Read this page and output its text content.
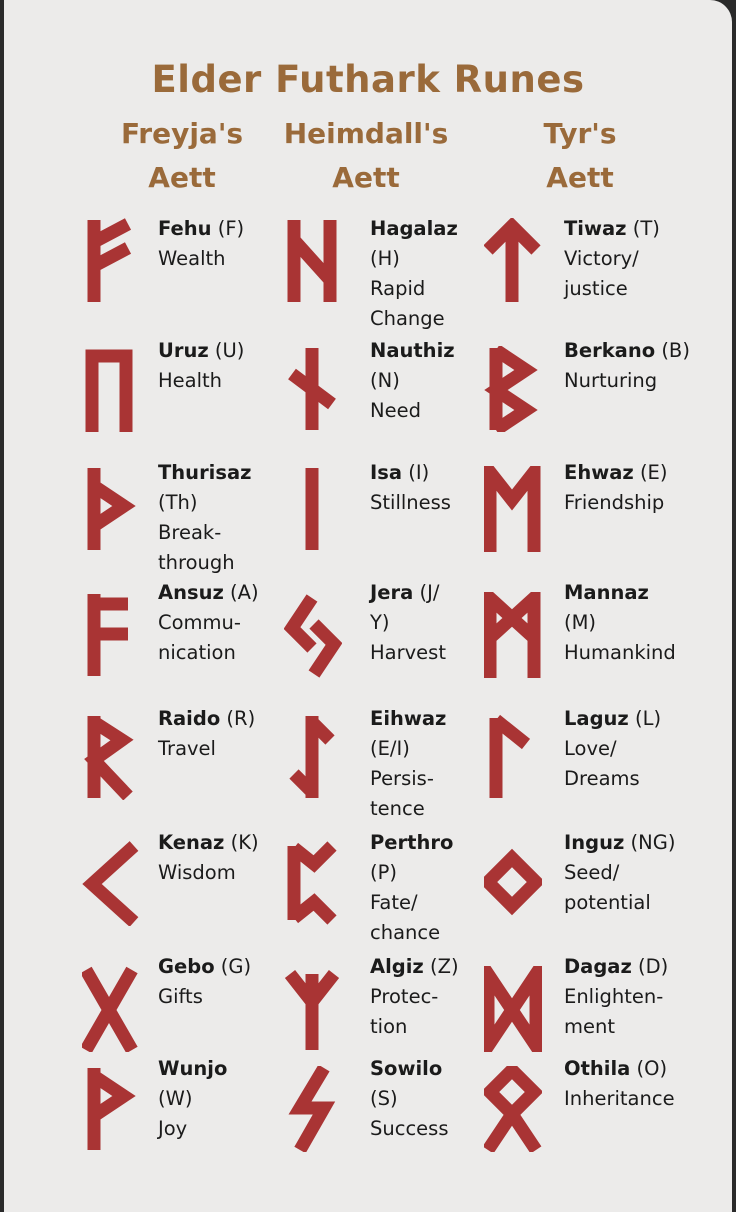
Elder Futhark Runes
Freyja's
Aett
Heimdall's
Aett
Tyr's
Aett
Fehu (F)
Wealth
Uruz (U)
Health
Thurisaz
(Th)
Break-
through
Ansuz (A)
Commu-
nication
Raido (R)
Travel
Kenaz (K)
Wisdom
Gebo (G)
Gifts
Wunjo
(W)
Joy
Hagalaz
(H)
Rapid
Change
Nauthiz
(N)
Need
Isa (I)
Stillness
Jera (J/
Y)
Harvest
Eihwaz
(E/I)
Persis-
tence
Perthro
(P)
Fate/
chance
Algiz (Z)
Protec-
tion
Sowilo
(S)
Success
Tiwaz (T)
Victory/
justice
Berkano (B)
Nurturing
Ehwaz (E)
Friendship
Mannaz
(M)
Humankind
Laguz (L)
Love/
Dreams
Inguz (NG)
Seed/
potential
Dagaz (D)
Enlighten-
ment
Othila (O)
Inheritance
